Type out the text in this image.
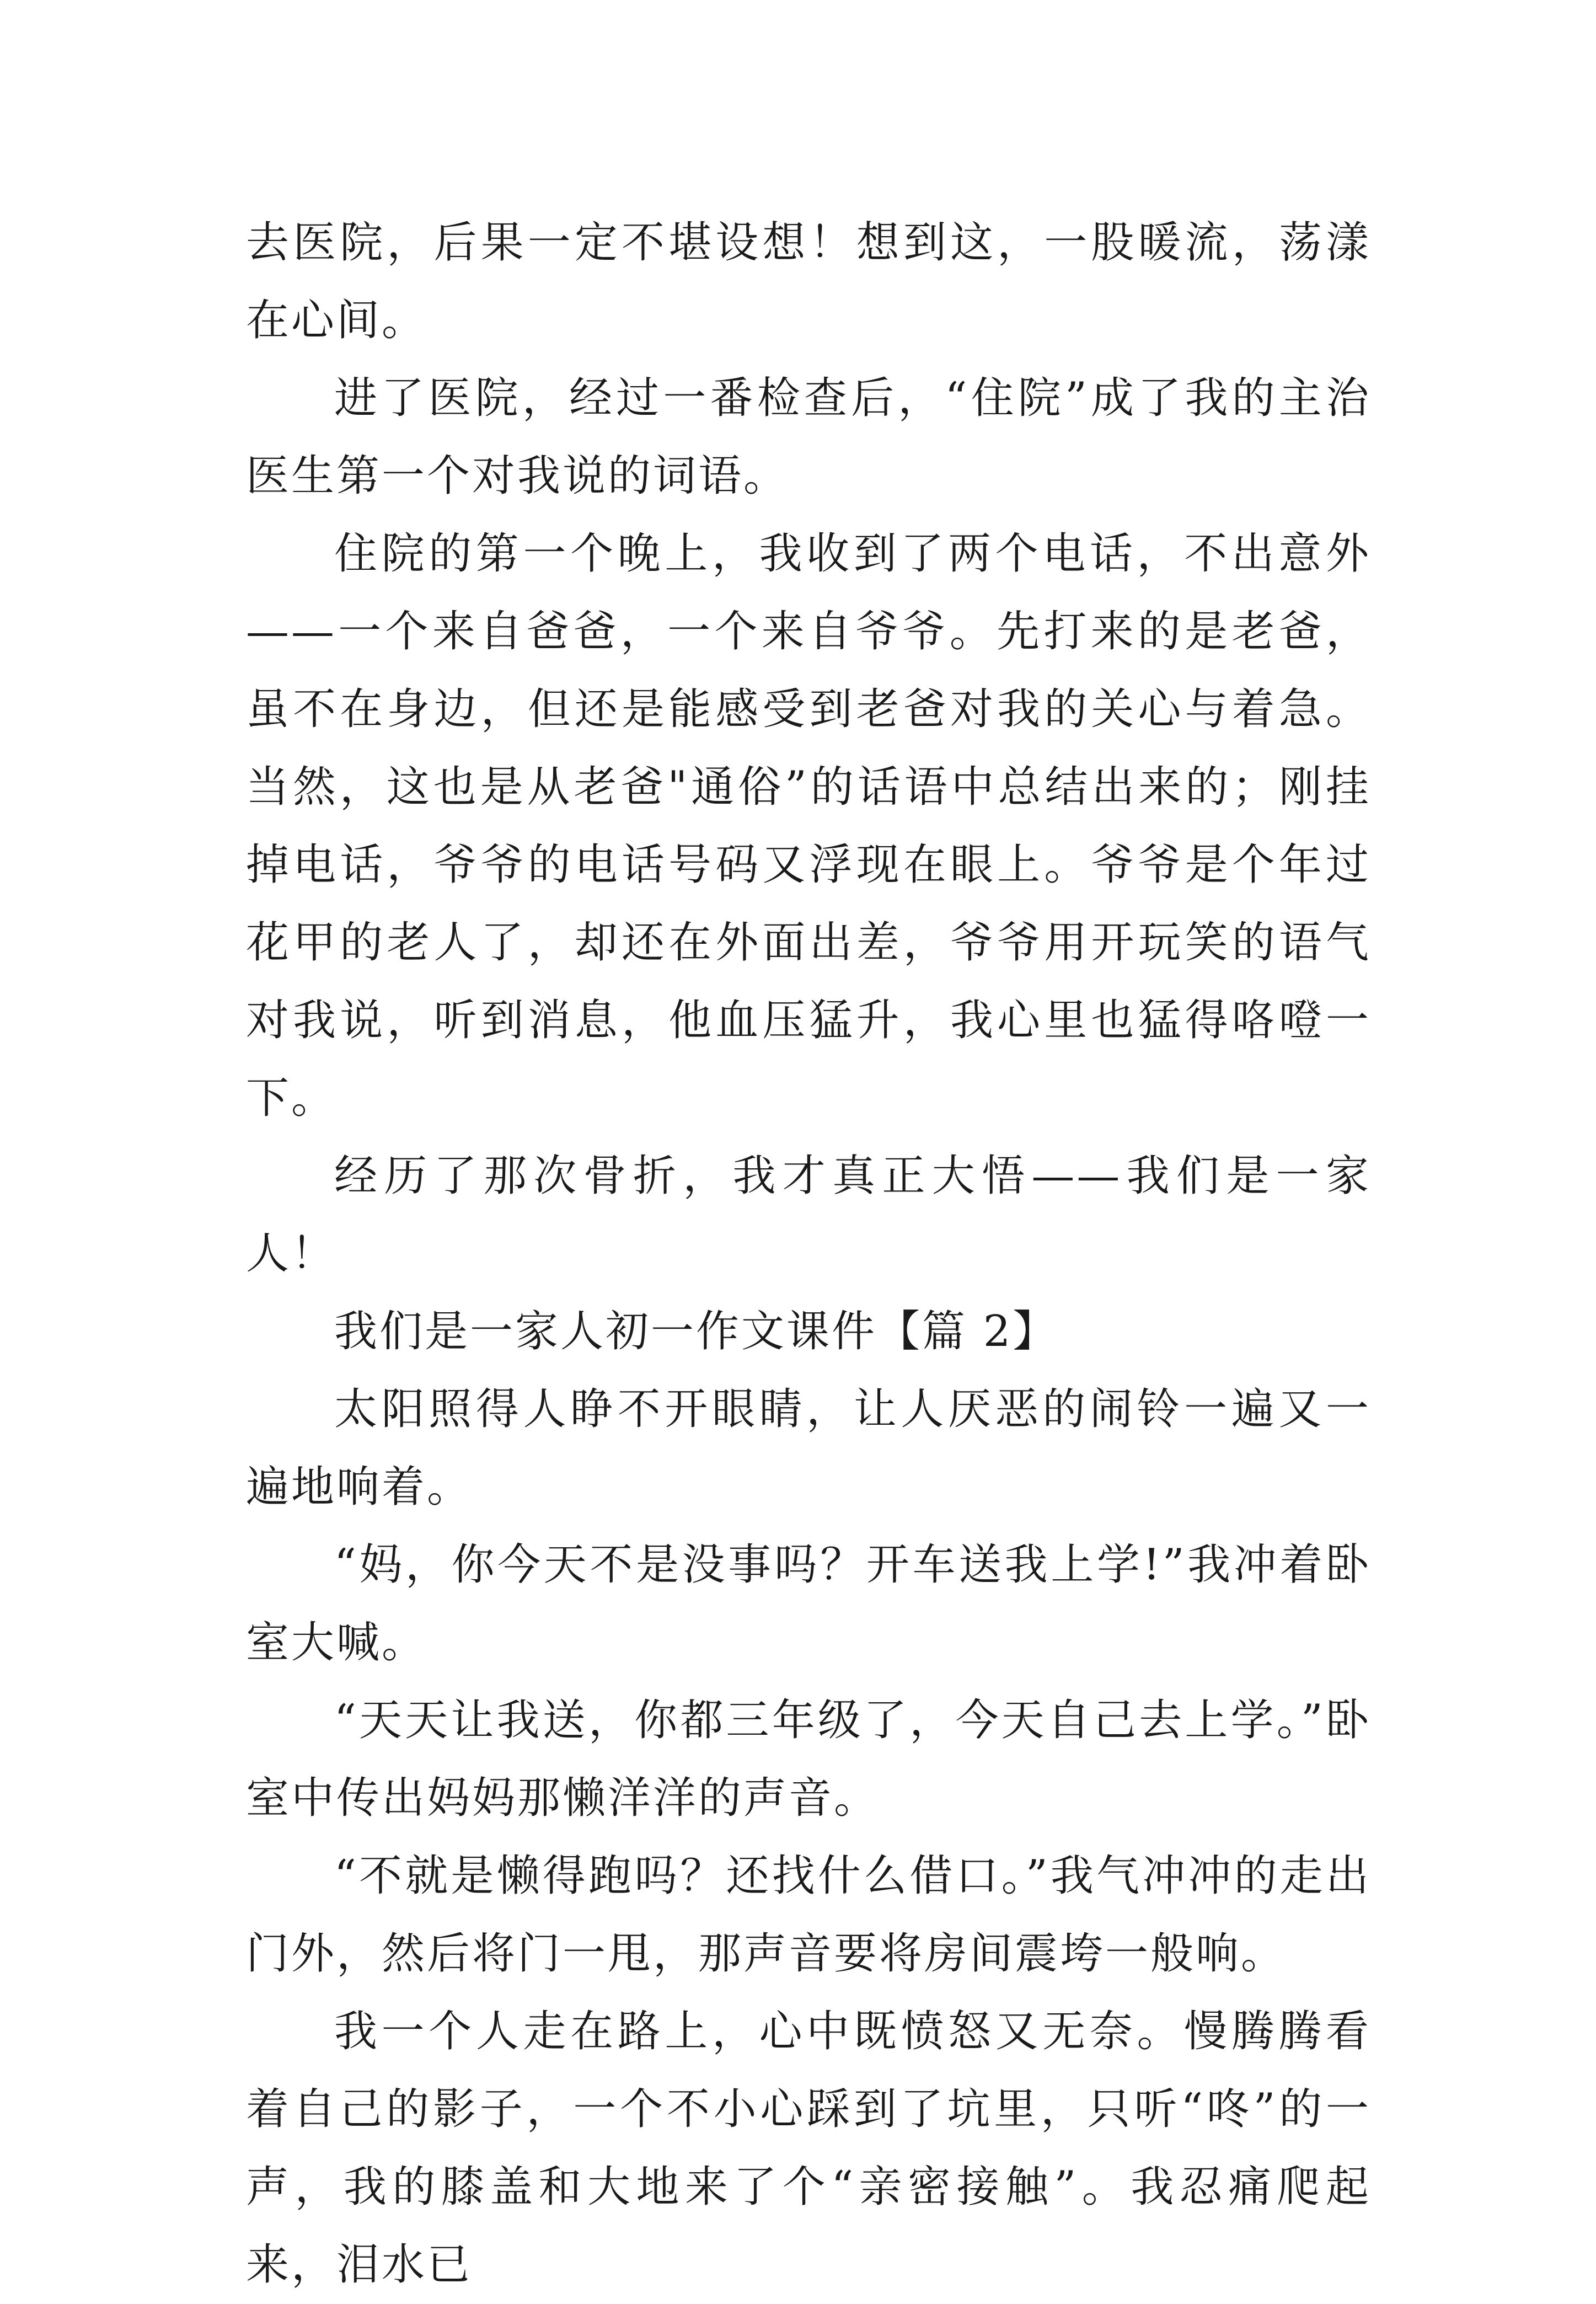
去医院，后果一定不堪设想！想到这，一股暖流，荡漾在心间。

进了医院，经过一番检查后，“住院”成了我的主治医生第一个对我说的词语。

住院的第一个晚上，我收到了两个电话，不出意外——一个来自爸爸，一个来自爷爷。先打来的是老爸，虽不在身边，但还是能感受到老爸对我的关心与着急。当然，这也是从老爸"通俗”的话语中总结出来的；刚挂掉电话，爷爷的电话号码又浮现在眼上。爷爷是个年过花甲的老人了，却还在外面出差，爷爷用开玩笑的语气对我说，听到消息，他血压猛升，我心里也猛得咯噔一下。

经历了那次骨折，我才真正大悟——我们是一家人！

我们是一家人初一作文课件【篇 2】

太阳照得人睁不开眼睛，让人厌恶的闹铃一遍又一遍地响着。

“妈，你今天不是没事吗？开车送我上学!”我冲着卧室大喊。

“天天让我送，你都三年级了，今天自己去上学。”卧室中传出妈妈那懒洋洋的声音。

“不就是懒得跑吗？还找什么借口。”我气冲冲的走出门外，然后将门一甩，那声音要将房间震垮一般响。

我一个人走在路上，心中既愤怒又无奈。慢腾腾看着自己的影子，一个不小心踩到了坑里，只听“咚”的一声，我的膝盖和大地来了个“亲密接触”。我忍痛爬起来，泪水已
